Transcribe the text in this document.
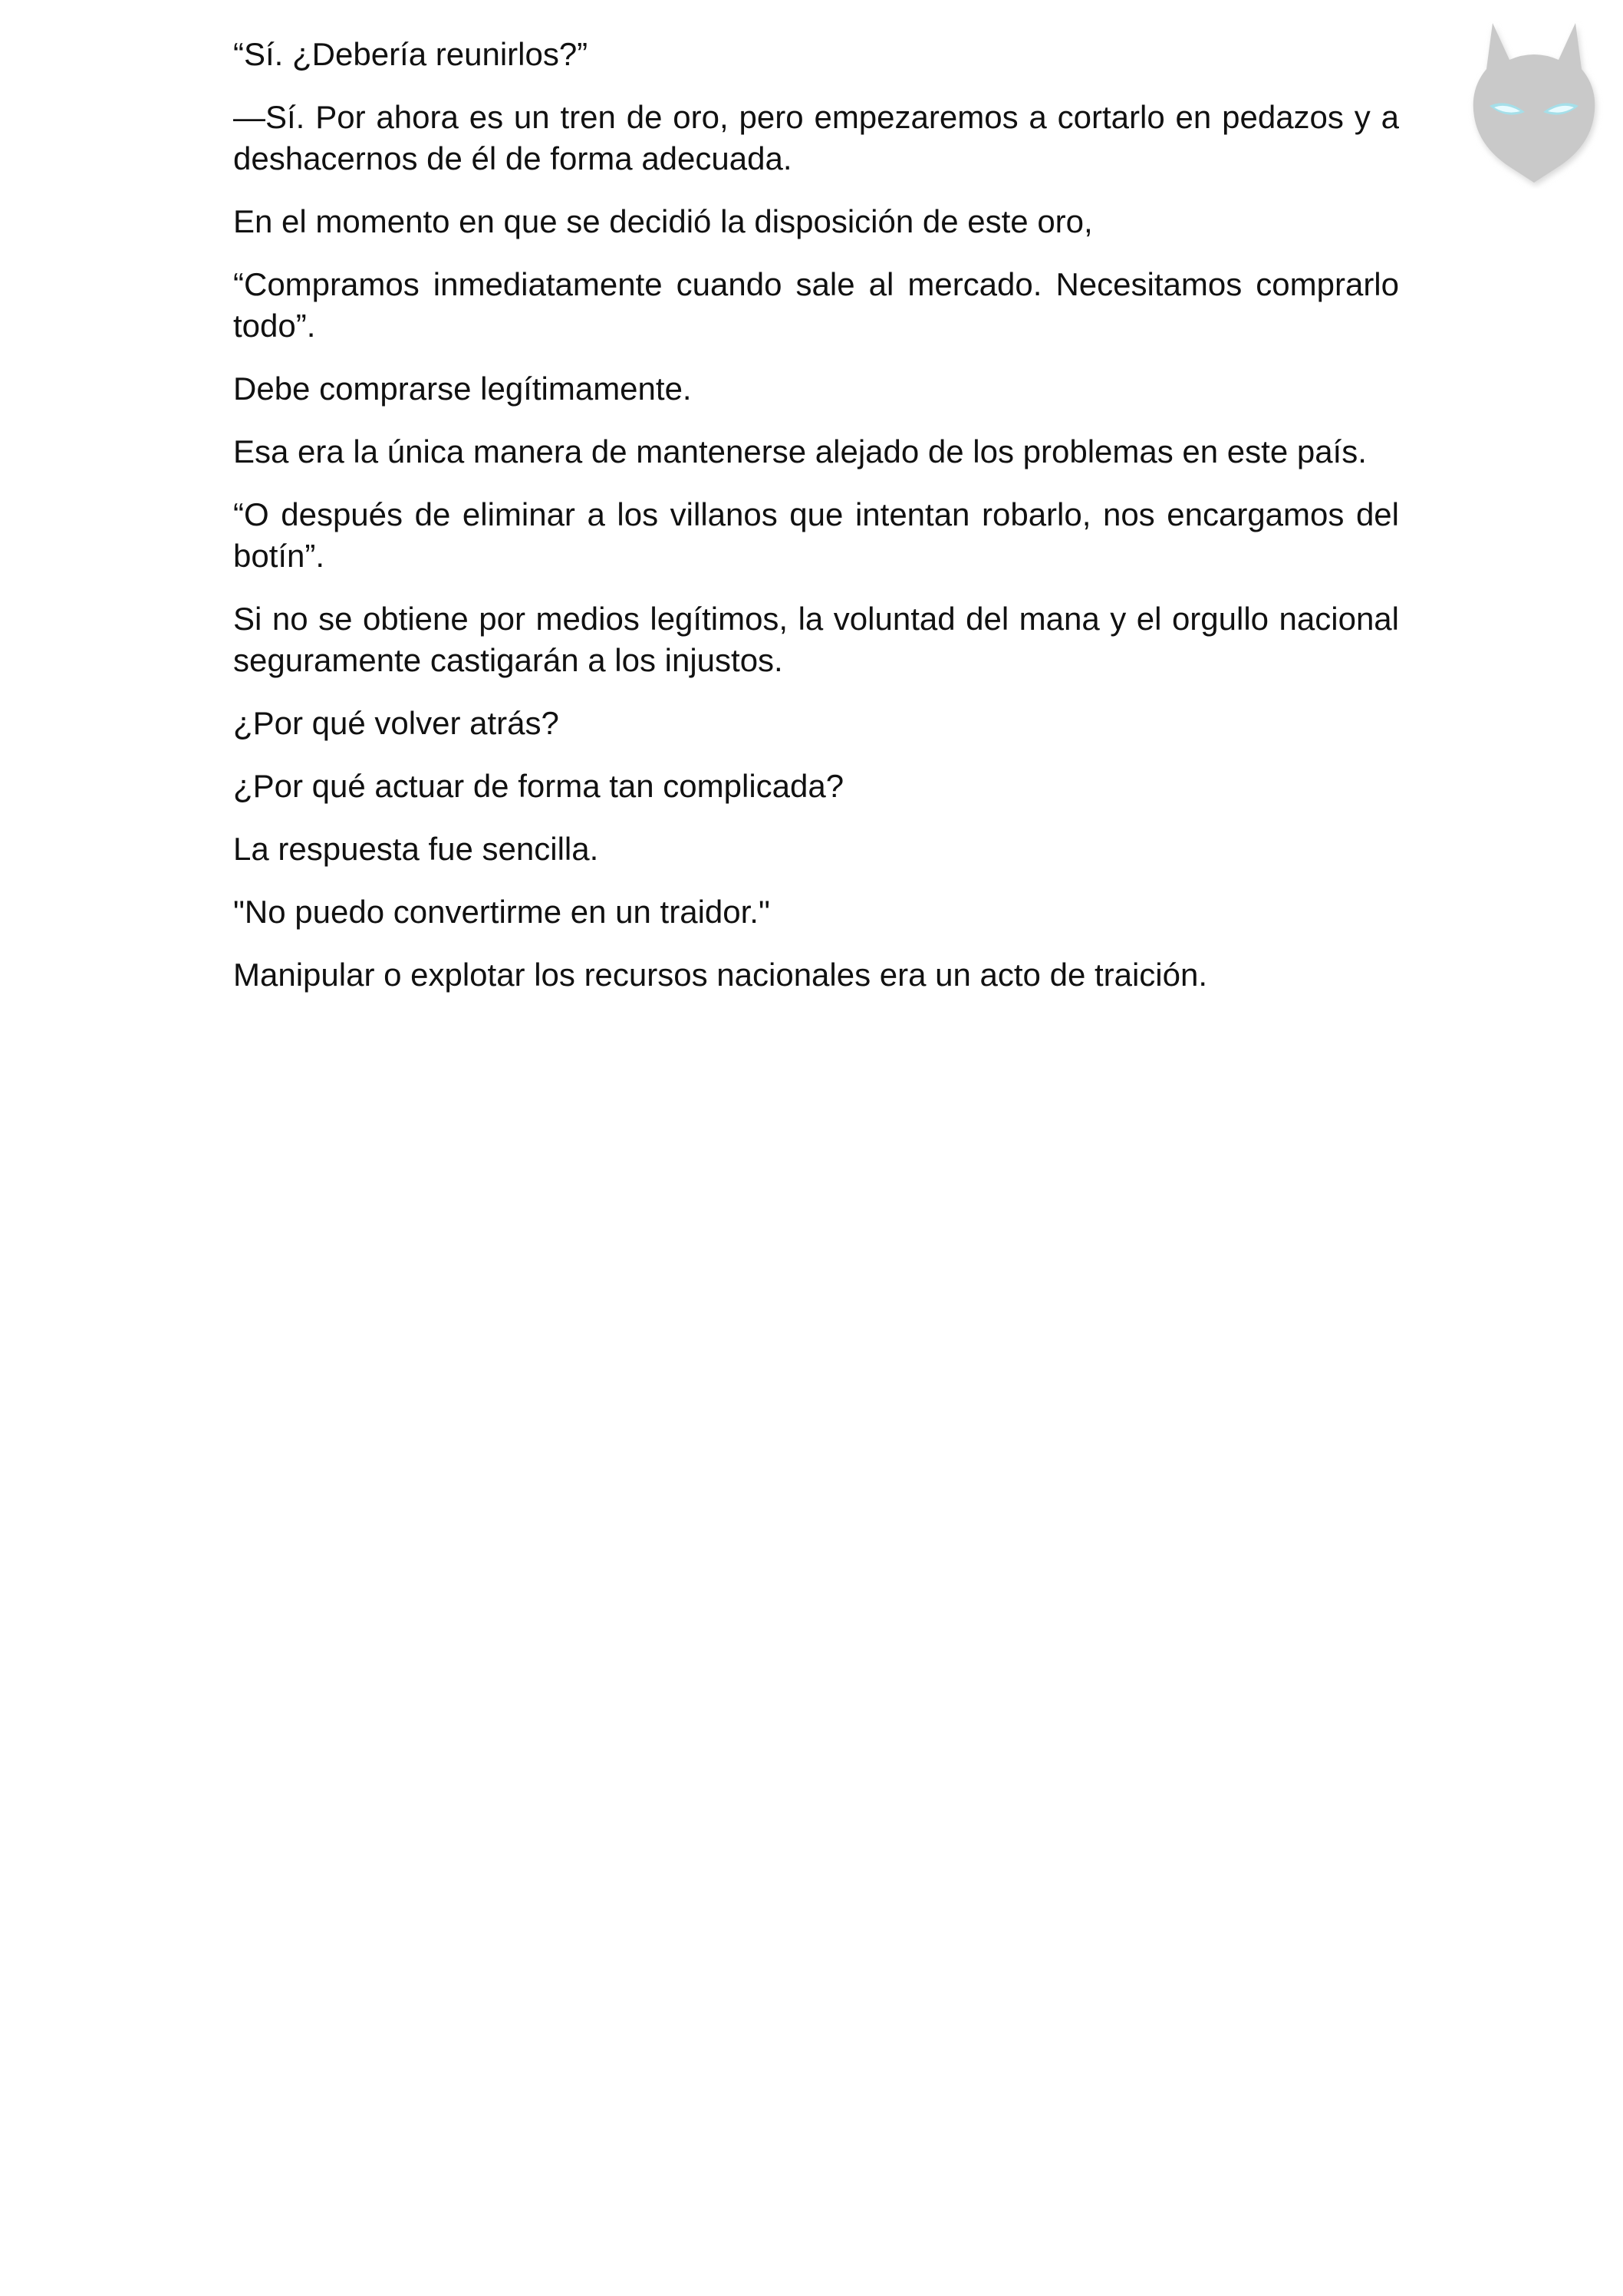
“Sí. ¿Debería reunirlos?”

—Sí. Por ahora es un tren de oro, pero empezaremos a cortarlo en pedazos y a deshacernos de él de forma adecuada.

En el momento en que se decidió la disposición de este oro,

“Compramos inmediatamente cuando sale al mercado. Necesitamos comprarlo todo”.

Debe comprarse legítimamente.

Esa era la única manera de mantenerse alejado de los problemas en este país.

“O después de eliminar a los villanos que intentan robarlo, nos encargamos del botín”.

Si no se obtiene por medios legítimos, la voluntad del mana y el orgullo nacional seguramente castigarán a los injustos.

¿Por qué volver atrás?

¿Por qué actuar de forma tan complicada?

La respuesta fue sencilla.

"No puedo convertirme en un traidor."

Manipular o explotar los recursos nacionales era un acto de traición.
